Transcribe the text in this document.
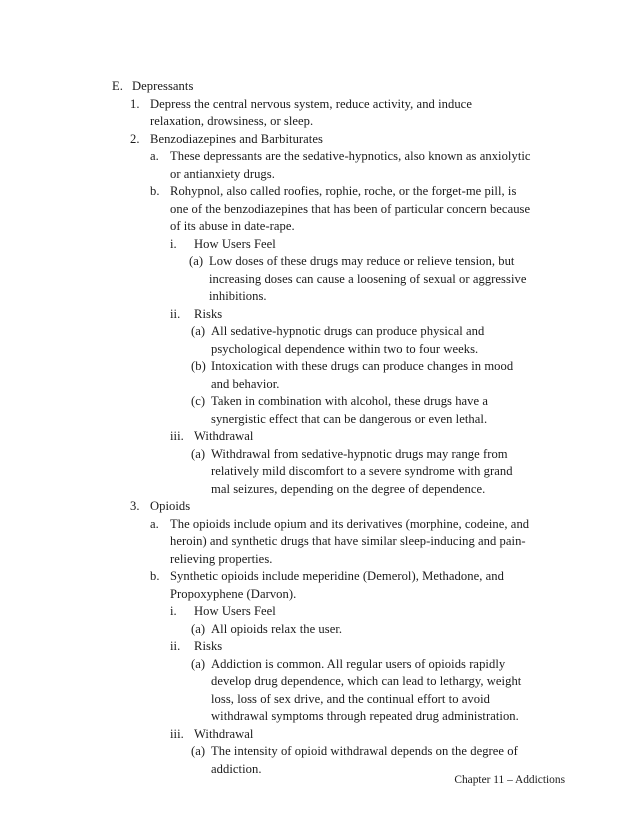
E. Depressants
1. Depress the central nervous system, reduce activity, and induce
relaxation, drowsiness, or sleep.
2. Benzodiazepines and Barbiturates
a. These depressants are the sedative-hypnotics, also known as anxiolytic
or antianxiety drugs.
b. Rohypnol, also called roofies, rophie, roche, or the forget-me pill, is
one of the benzodiazepines that has been of particular concern because
of its abuse in date-rape.
i. How Users Feel
(a) Low doses of these drugs may reduce or relieve tension, but
increasing doses can cause a loosening of sexual or aggressive
inhibitions.
ii. Risks
(a) All sedative-hypnotic drugs can produce physical and
psychological dependence within two to four weeks.
(b) Intoxication with these drugs can produce changes in mood
and behavior.
(c) Taken in combination with alcohol, these drugs have a
synergistic effect that can be dangerous or even lethal.
iii. Withdrawal
(a) Withdrawal from sedative-hypnotic drugs may range from
relatively mild discomfort to a severe syndrome with grand
mal seizures, depending on the degree of dependence.
3. Opioids
a. The opioids include opium and its derivatives (morphine, codeine, and
heroin) and synthetic drugs that have similar sleep-inducing and pain-
relieving properties.
b. Synthetic opioids include meperidine (Demerol), Methadone, and
Propoxyphene (Darvon).
i. How Users Feel
(a) All opioids relax the user.
ii. Risks
(a) Addiction is common. All regular users of opioids rapidly
develop drug dependence, which can lead to lethargy, weight
loss, loss of sex drive, and the continual effort to avoid
withdrawal symptoms through repeated drug administration.
iii. Withdrawal
(a) The intensity of opioid withdrawal depends on the degree of
addiction.
Chapter 11 – Addictions
